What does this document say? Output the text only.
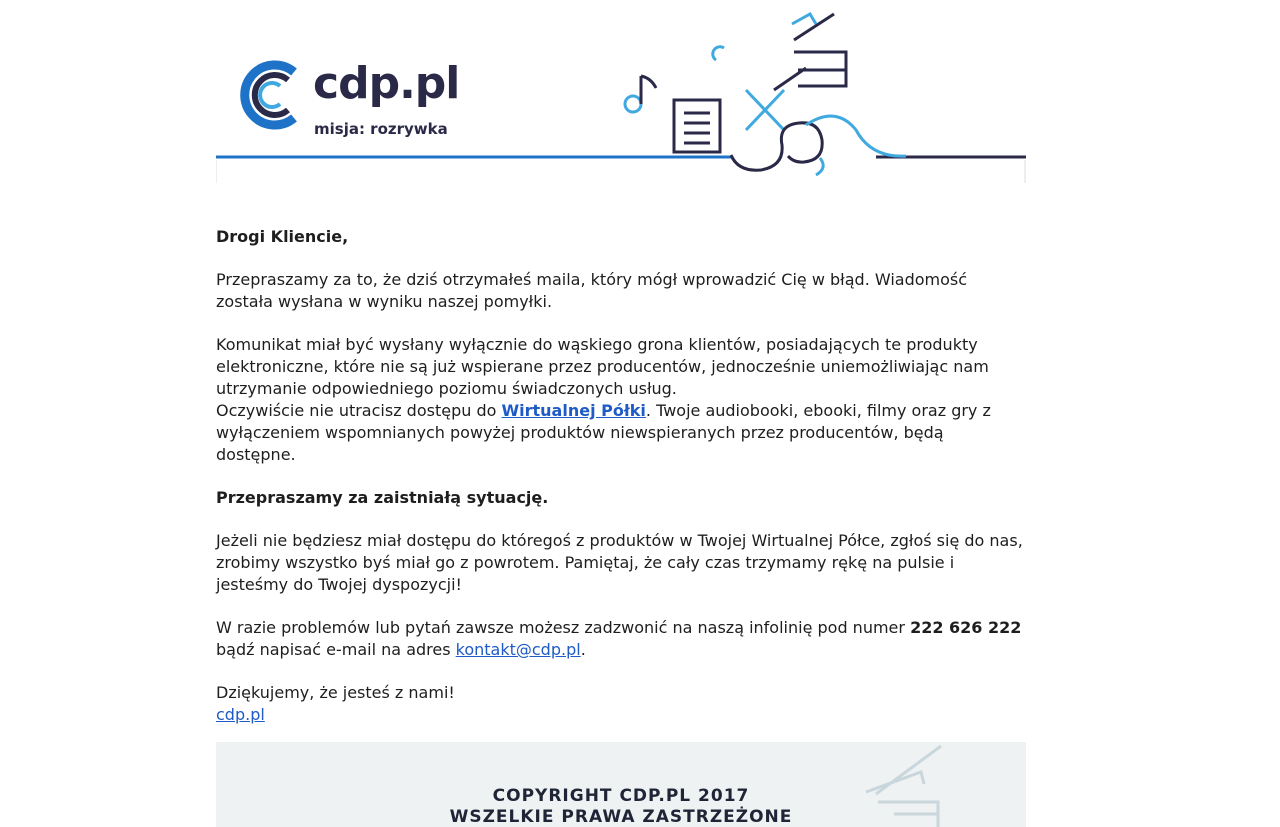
cdp.pl
misja: rozrywka

Drogi Kliencie,

Przepraszamy za to, że dziś otrzymałeś maila, który mógł wprowadzić Cię w błąd. Wiadomość została wysłana w wyniku naszej pomyłki.

Komunikat miał być wysłany wyłącznie do wąskiego grona klientów, posiadających te produkty elektroniczne, które nie są już wspierane przez producentów, jednocześnie uniemożliwiając nam utrzymanie odpowiedniego poziomu świadczonych usług.

Oczywiście nie utracisz dostępu do Wirtualnej Półki. Twoje audiobooki, ebooki, filmy oraz gry z wyłączeniem wspomnianych powyżej produktów niewspieranych przez producentów, będą dostępne.

Przepraszamy za zaistniałą sytuację.

Jeżeli nie będziesz miał dostępu do któregoś z produktów w Twojej Wirtualnej Półce, zgłoś się do nas, zrobimy wszystko byś miał go z powrotem. Pamiętaj, że cały czas trzymamy rękę na pulsie i jesteśmy do Twojej dyspozycji!

W razie problemów lub pytań zawsze możesz zadzwonić na naszą infolinię pod numer 222 626 222 bądź napisać e-mail na adres kontakt@cdp.pl.

Dziękujemy, że jesteś z nami!

cdp.pl

COPYRIGHT CDP.PL 2017
WSZELKIE PRAWA ZASTRZEŻONE
